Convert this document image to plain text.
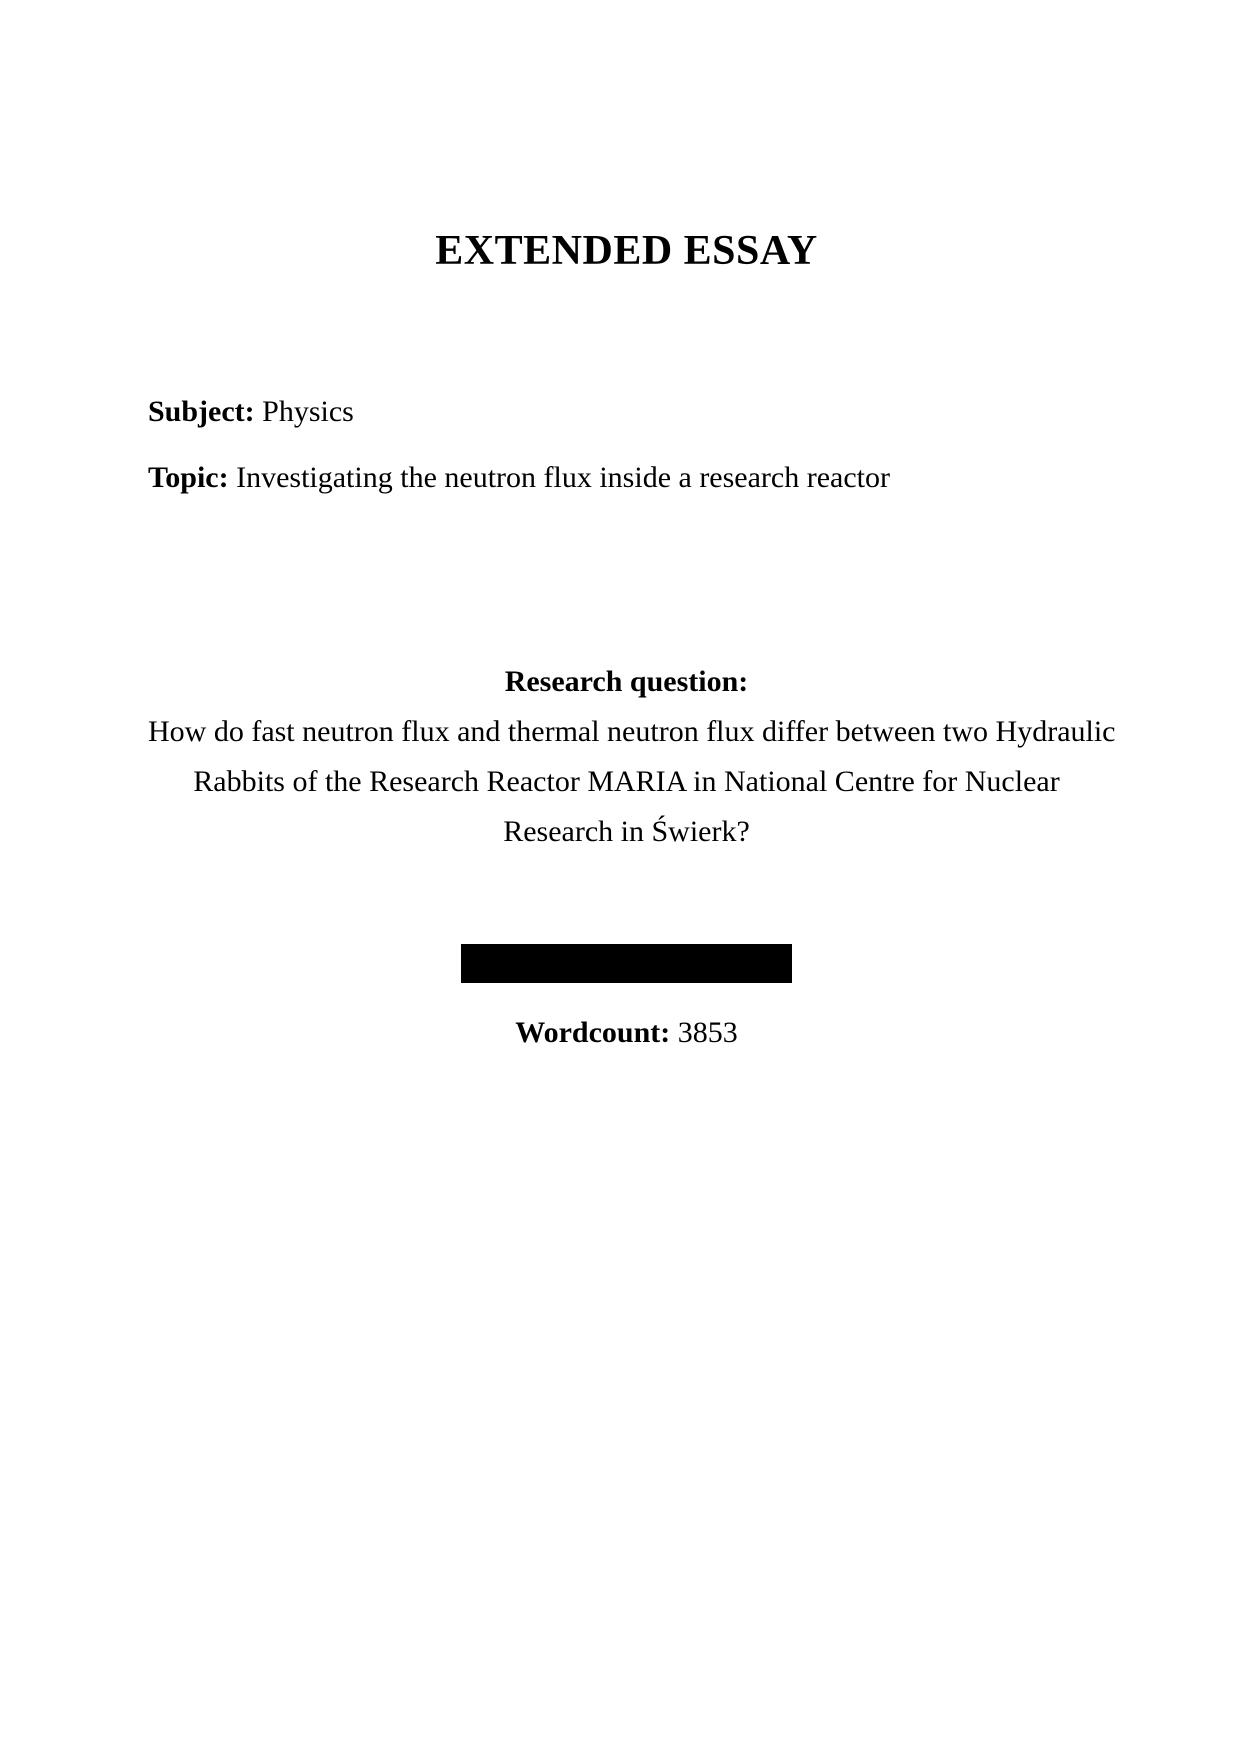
EXTENDED ESSAY
Subject: Physics
Topic: Investigating the neutron flux inside a research reactor
Research question:
How do fast neutron flux and thermal neutron flux differ between two Hydraulic
Rabbits of the Research Reactor MARIA in National Centre for Nuclear
Research in Świerk?
Wordcount: 3853
